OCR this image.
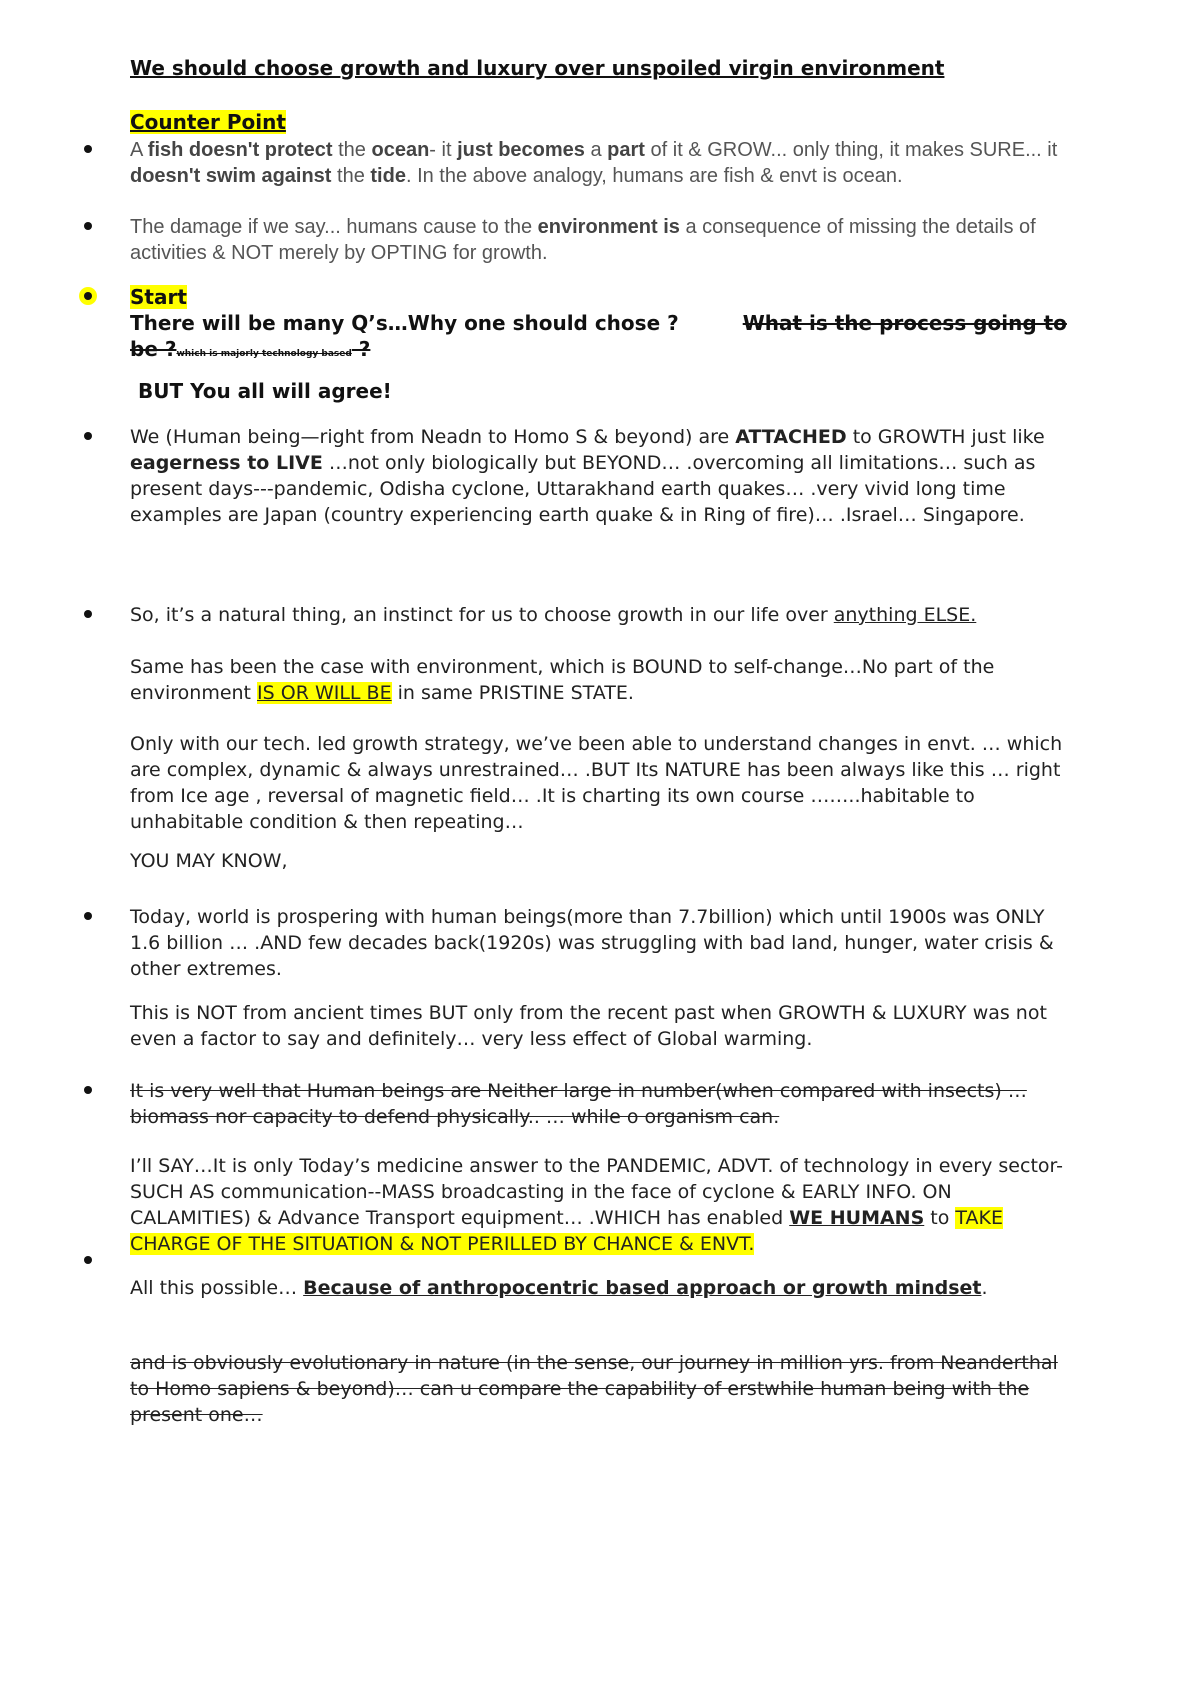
We should choose growth and luxury over unspoiled virgin environment
Counter Point
A fish doesn't protect the ocean- it just becomes a part of it & GROW... only thing, it makes SURE... it doesn't swim against the tide. In the above analogy, humans are fish & envt is ocean.
The damage if we say... humans cause to the environment is a consequence of missing the details of activities & NOT merely by OPTING for growth.
Start
There will be many Q’s…Why one should chose ?	What is the process going to be ?which is majorly technology based ?
BUT You all will agree!
We (Human being—right from Neadn to Homo S & beyond) are ATTACHED to GROWTH just like eagerness to LIVE …not only biologically but BEYOND… .overcoming all limitations… such as present days---pandemic, Odisha cyclone, Uttarakhand earth quakes… .very vivid long time examples are Japan (country experiencing earth quake & in Ring of fire)… .Israel… Singapore.
So, it’s a natural thing, an instinct for us to choose growth in our life over anything ELSE.
Same has been the case with environment, which is BOUND to self-change…No part of the environment IS OR WILL BE in same PRISTINE STATE.
Only with our tech. led growth strategy, we’ve been able to understand changes in envt. … which are complex, dynamic & always unrestrained… .BUT Its NATURE has been always like this … right from Ice age , reversal of magnetic field… .It is charting its own course ……..habitable to unhabitable condition & then repeating…
YOU MAY KNOW,
Today, world is prospering with human beings(more than 7.7billion) which until 1900s was ONLY 1.6 billion … .AND few decades back(1920s) was struggling with bad land, hunger, water crisis & other extremes.
This is NOT from ancient times BUT only from the recent past when GROWTH & LUXURY was not even a factor to say and definitely… very less effect of Global warming.
It is very well that Human beings are Neither large in number(when compared with insects) … biomass nor capacity to defend physically.. … while o organism can.
I’ll SAY…It is only Today’s medicine answer to the PANDEMIC, ADVT. of technology in every sector- SUCH AS communication--MASS broadcasting in the face of cyclone & EARLY INFO. ON CALAMITIES) & Advance Transport equipment… .WHICH has enabled WE HUMANS to TAKE CHARGE OF THE SITUATION & NOT PERILLED BY CHANCE & ENVT.
All this possible… Because of anthropocentric based approach or growth mindset.
and is obviously evolutionary in nature (in the sense, our journey in million yrs. from Neanderthal to Homo sapiens & beyond)… can u compare the capability of erstwhile human being with the present one…
